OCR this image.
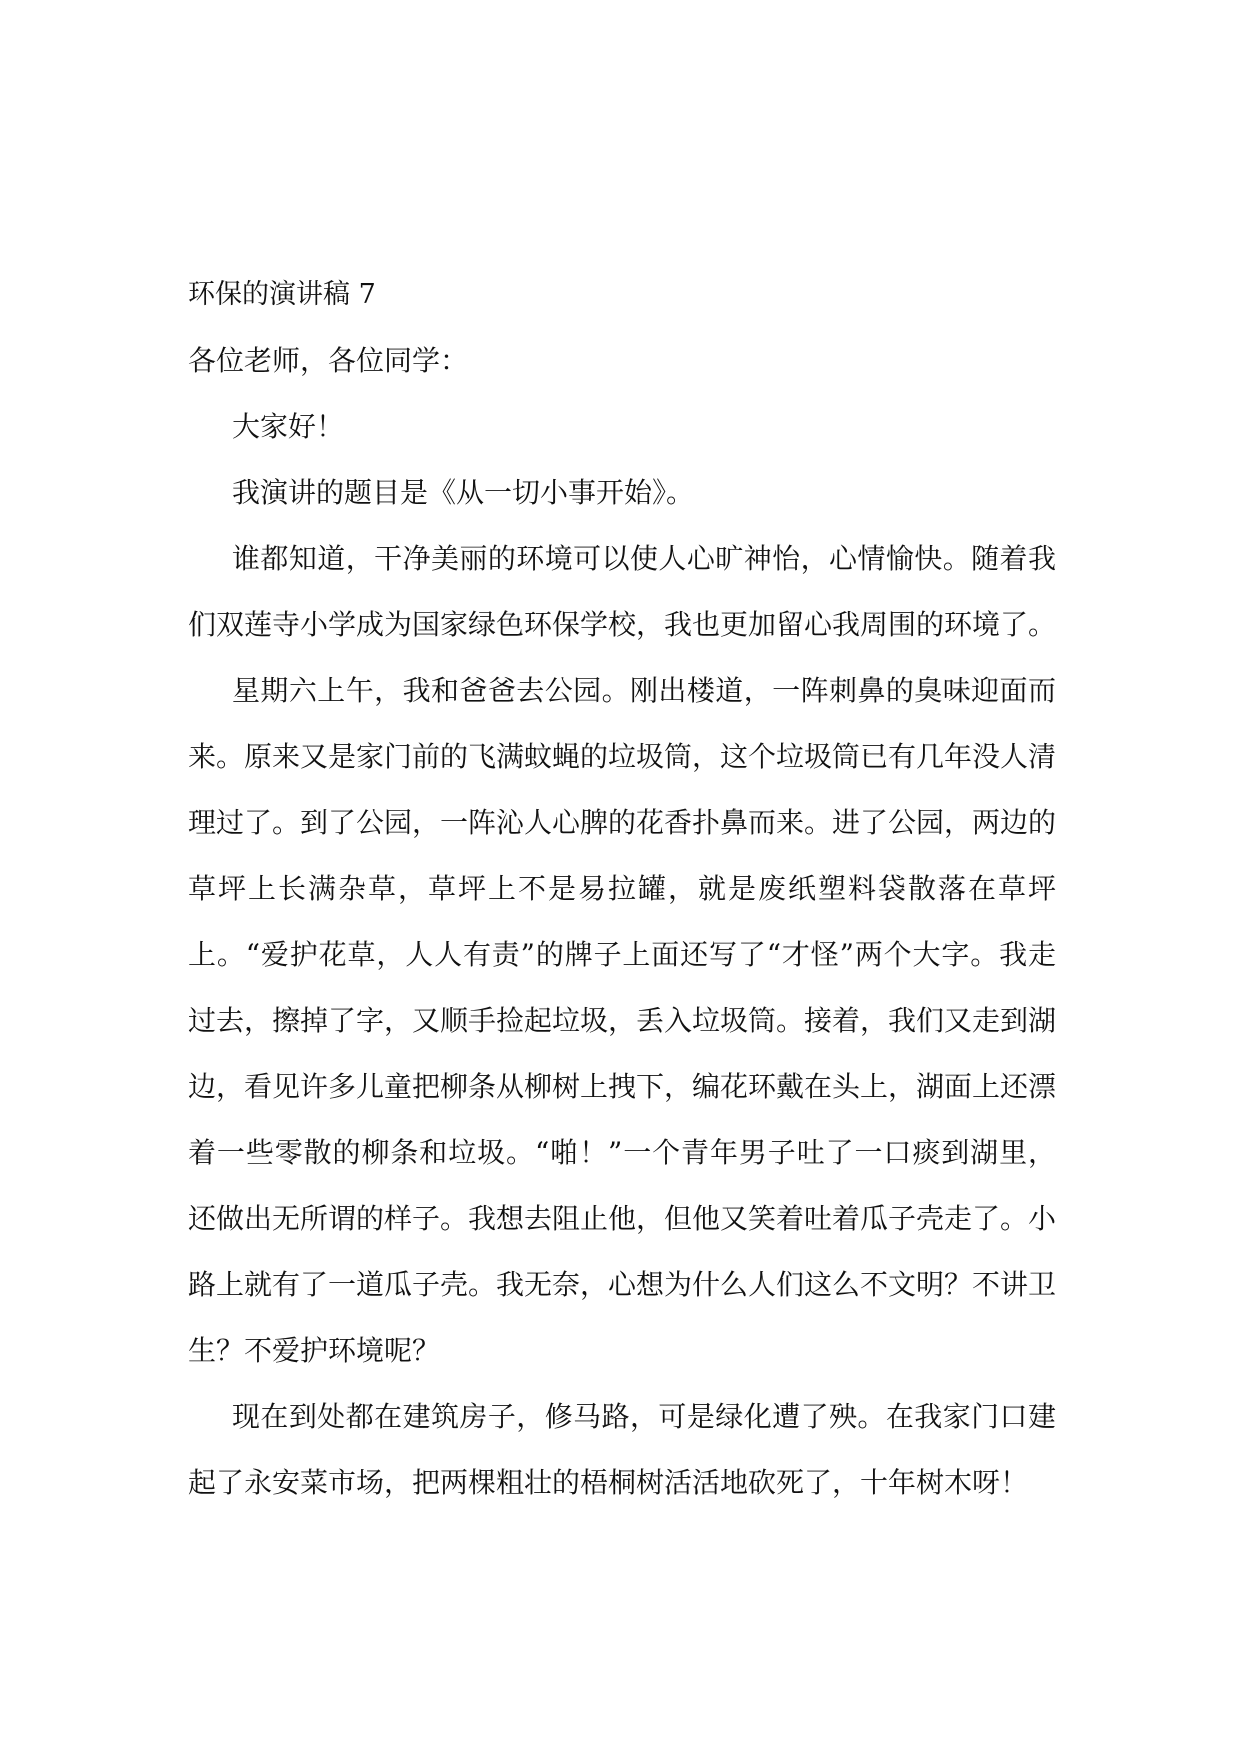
环保的演讲稿 7

各位老师，各位同学：

大家好！

我演讲的题目是《从一切小事开始》。

谁都知道，干净美丽的环境可以使人心旷神怡，心情愉快。随着我们双莲寺小学成为国家绿色环保学校，我也更加留心我周围的环境了。

星期六上午，我和爸爸去公园。刚出楼道，一阵刺鼻的臭味迎面而来。原来又是家门前的飞满蚊蝇的垃圾筒，这个垃圾筒已有几年没人清理过了。到了公园，一阵沁人心脾的花香扑鼻而来。进了公园，两边的草坪上长满杂草，草坪上不是易拉罐，就是废纸塑料袋散落在草坪上。“爱护花草，人人有责”的牌子上面还写了“才怪”两个大字。我走过去，擦掉了字，又顺手捡起垃圾，丢入垃圾筒。接着，我们又走到湖边，看见许多儿童把柳条从柳树上拽下，编花环戴在头上，湖面上还漂着一些零散的柳条和垃圾。“啪！”一个青年男子吐了一口痰到湖里，还做出无所谓的样子。我想去阻止他，但他又笑着吐着瓜子壳走了。小路上就有了一道瓜子壳。我无奈，心想为什么人们这么不文明？不讲卫生？不爱护环境呢？

现在到处都在建筑房子，修马路，可是绿化遭了殃。在我家门口建起了永安菜市场，把两棵粗壮的梧桐树活活地砍死了，十年树木呀！
